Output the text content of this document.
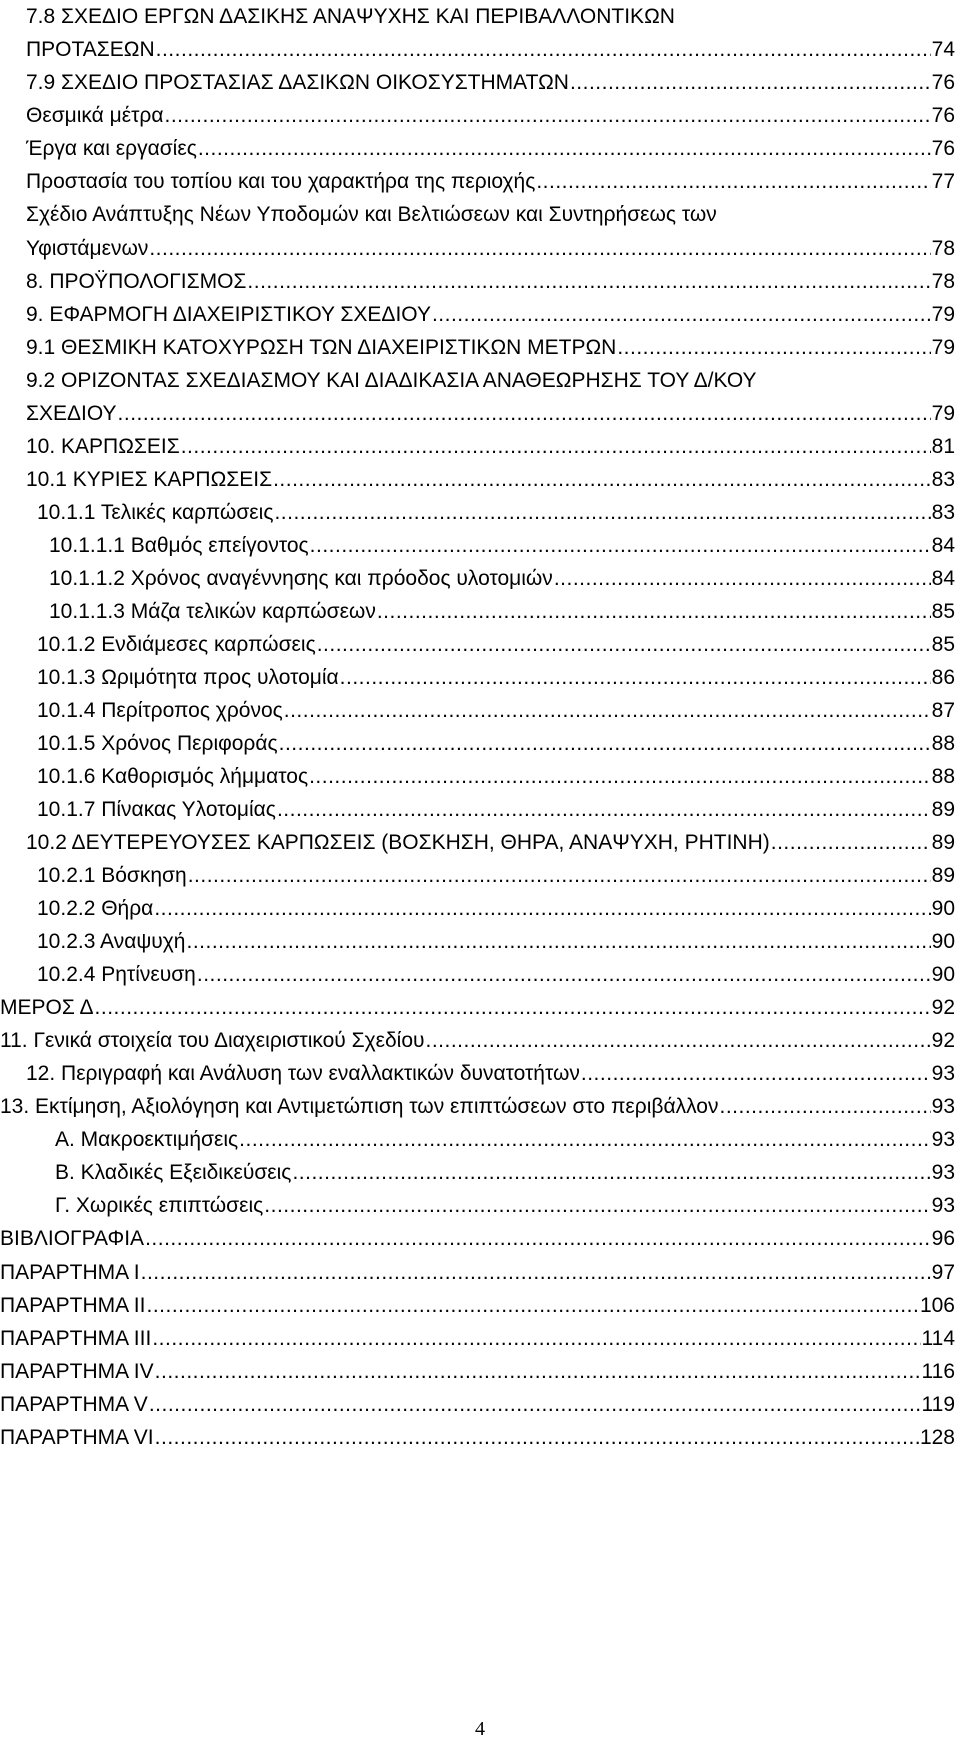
7.8 ΣΧΕΔΙΟ ΕΡΓΩΝ ΔΑΣΙΚΗΣ ΑΝΑΨΥΧΗΣ ΚΑΙ ΠΕΡΙΒΑΛΛΟΝΤΙΚΩΝ
ΠΡΟΤΑΣΕΩΝ .....	74
7.9 ΣΧΕΔΙΟ ΠΡΟΣΤΑΣΙΑΣ ΔΑΣΙΚΩΝ ΟΙΚΟΣΥΣΤΗΜΑΤΩΝ .....	76
Θεσμικά μέτρα .....	76
Έργα και εργασίες .....	76
Προστασία του τοπίου και του χαρακτήρα της περιοχής .....	77
Σχέδιο Ανάπτυξης Νέων Υποδομών και Βελτιώσεων και Συντηρήσεως των
Υφιστάμενων .....	78
8. ΠΡΟΫΠΟΛΟΓΙΣΜΟΣ .....	78
9. ΕΦΑΡΜΟΓΗ ΔΙΑΧΕΙΡΙΣΤΙΚΟΥ ΣΧΕΔΙΟΥ .....	79
9.1 ΘΕΣΜΙΚΗ ΚΑΤΟΧΥΡΩΣΗ ΤΩΝ ΔΙΑΧΕΙΡΙΣΤΙΚΩΝ ΜΕΤΡΩΝ .....	79
9.2 ΟΡΙΖΟΝΤΑΣ ΣΧΕΔΙΑΣΜΟΥ ΚΑΙ ΔΙΑΔΙΚΑΣΙΑ ΑΝΑΘΕΩΡΗΣΗΣ ΤΟΥ Δ/ΚΟΥ
ΣΧΕΔΙΟΥ .....	79
10. ΚΑΡΠΩΣΕΙΣ .....	81
10.1 ΚΥΡΙΕΣ ΚΑΡΠΩΣΕΙΣ .....	83
10.1.1 Τελικές καρπώσεις .....	83
10.1.1.1 Βαθμός επείγοντος .....	84
10.1.1.2 Χρόνος αναγέννησης και πρόοδος υλοτομιών .....	84
10.1.1.3 Μάζα τελικών καρπώσεων .....	85
10.1.2 Ενδιάμεσες καρπώσεις .....	85
10.1.3 Ωριμότητα προς υλοτομία .....	86
10.1.4 Περίτροπος χρόνος .....	87
10.1.5 Χρόνος Περιφοράς .....	88
10.1.6 Καθορισμός λήμματος .....	88
10.1.7 Πίνακας Υλοτομίας .....	89
10.2 ΔΕΥΤΕΡΕΥΟΥΣΕΣ ΚΑΡΠΩΣΕΙΣ (ΒΟΣΚΗΣΗ, ΘΗΡΑ, ΑΝΑΨΥΧΗ, ΡΗΤΙΝΗ) .....	89
10.2.1 Βόσκηση .....	89
10.2.2 Θήρα .....	90
10.2.3 Αναψυχή .....	90
10.2.4 Ρητίνευση .....	90
ΜΕΡΟΣ Δ .....	92
11. Γενικά στοιχεία του Διαχειριστικού Σχεδίου .....	92
12. Περιγραφή και Ανάλυση των εναλλακτικών δυνατοτήτων .....	93
13. Εκτίμηση, Αξιολόγηση και Αντιμετώπιση των επιπτώσεων στο περιβάλλον .....	93
Α. Μακροεκτιμήσεις .....	93
Β. Κλαδικές Εξειδικεύσεις .....	93
Γ. Χωρικές επιπτώσεις .....	93
ΒΙΒΛΙΟΓΡΑΦΙΑ .....	96
ΠΑΡΑΡΤΗΜΑ Ι .....	97
ΠΑΡΑΡΤΗΜΑ ΙΙ .....	106
ΠΑΡΑΡΤΗΜΑ ΙΙΙ .....	114
ΠΑΡΑΡΤΗΜΑ ΙV .....	116
ΠΑΡΑΡΤΗΜΑ V .....	119
ΠΑΡΑΡΤΗΜΑ VI .....	128
4
